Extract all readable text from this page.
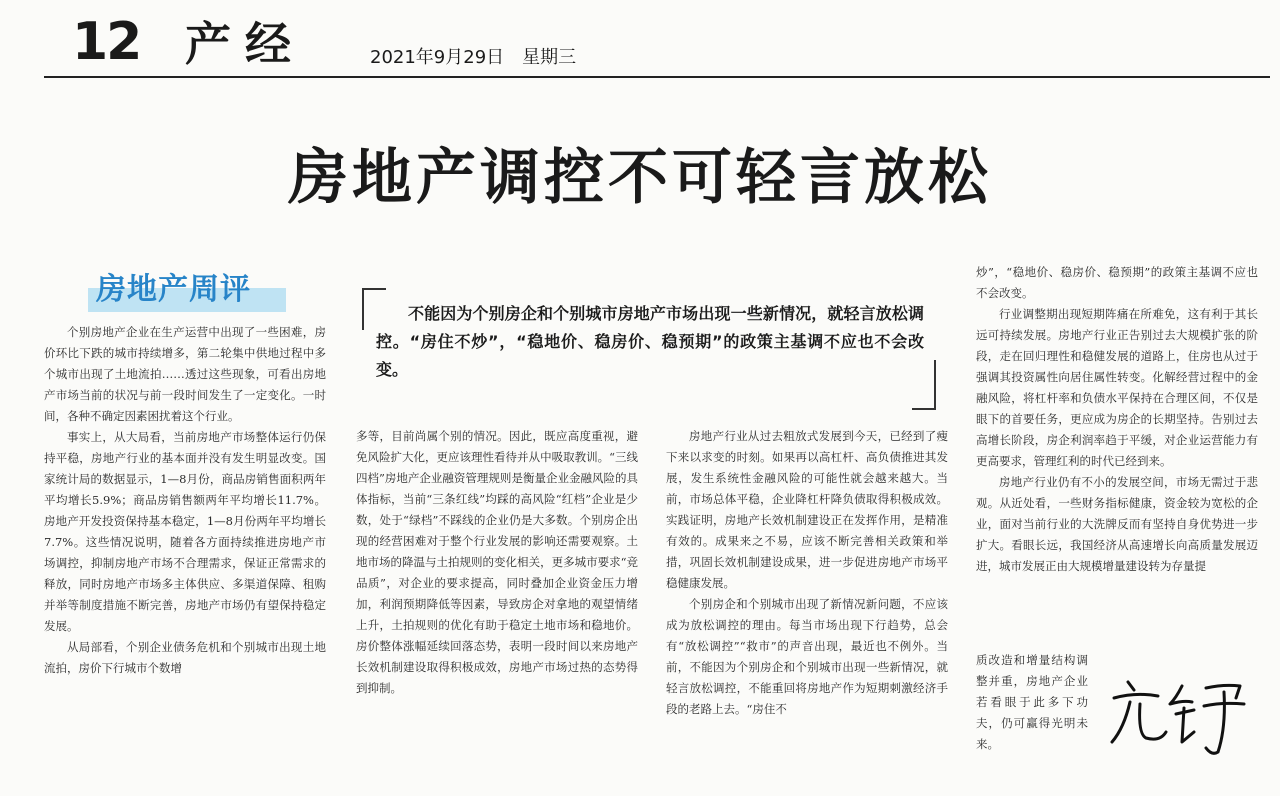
12 产经	2021年9月29日　星期三
房地产调控不可轻言放松
房地产周评
不能因为个别房企和个别城市房地产市场出现一些新情况，就轻言放松调控。“房住不炒”，“稳地价、稳房价、稳预期”的政策主基调不应也不会改变。

个别房地产企业在生产运营中出现了一些困难，房价环比下跌的城市持续增多，第二轮集中供地过程中多个城市出现了土地流拍……透过这些现象，可看出房地产市场当前的状况与前一段时间发生了一定变化。一时间，各种不确定因素困扰着这个行业。

事实上，从大局看，当前房地产市场整体运行仍保持平稳，房地产行业的基本面并没有发生明显改变。国家统计局的数据显示，1—8月份，商品房销售面积两年平均增长5.9%；商品房销售额两年平均增长11.7%。房地产开发投资保持基本稳定，1—8月份两年平均增长7.7%。这些情况说明，随着各方面持续推进房地产市场调控，抑制房地产市场不合理需求，保证正常需求的释放，同时房地产市场多主体供应、多渠道保障、租购并举等制度措施不断完善，房地产市场仍有望保持稳定发展。

从局部看，个别企业债务危机和个别城市出现土地流拍，房价下行城市个数增

多等，目前尚属个别的情况。因此，既应高度重视，避免风险扩大化，更应该理性看待并从中吸取教训。“三线四档”房地产企业融资管理规则是衡量企业金融风险的具体指标，当前“三条红线”均踩的高风险“红档”企业是少数，处于“绿档”不踩线的企业仍是大多数。个别房企出现的经营困难对于整个行业发展的影响还需要观察。土地市场的降温与土拍规则的变化相关，更多城市要求“竞品质”，对企业的要求提高，同时叠加企业资金压力增加，利润预期降低等因素，导致房企对拿地的观望情绪上升，土拍规则的优化有助于稳定土地市场和稳地价。房价整体涨幅延续回落态势，表明一段时间以来房地产长效机制建设取得积极成效，房地产市场过热的态势得到抑制。

房地产行业从过去粗放式发展到今天，已经到了瘦下来以求变的时刻。如果再以高杠杆、高负债推进其发展，发生系统性金融风险的可能性就会越来越大。当前，市场总体平稳，企业降杠杆降负债取得积极成效。实践证明，房地产长效机制建设正在发挥作用，是精准有效的。成果来之不易，应该不断完善相关政策和举措，巩固长效机制建设成果，进一步促进房地产市场平稳健康发展。

个别房企和个别城市出现了新情况新问题，不应该成为放松调控的理由。每当市场出现下行趋势，总会有“放松调控”“救市”的声音出现，最近也不例外。当前，不能因为个别房企和个别城市出现一些新情况，就轻言放松调控，不能重回将房地产作为短期刺激经济手段的老路上去。“房住不

炒”，“稳地价、稳房价、稳预期”的政策主基调不应也不会改变。

行业调整期出现短期阵痛在所难免，这有利于其长远可持续发展。房地产行业正告别过去大规模扩张的阶段，走在回归理性和稳健发展的道路上，住房也从过于强调其投资属性向居住属性转变。化解经营过程中的金融风险，将杠杆率和负债水平保持在合理区间，不仅是眼下的首要任务，更应成为房企的长期坚持。告别过去高增长阶段，房企利润率趋于平缓，对企业运营能力有更高要求，管理红利的时代已经到来。

房地产行业仍有不小的发展空间，市场无需过于悲观。从近处看，一些财务指标健康，资金较为宽松的企业，面对当前行业的大洗牌反而有坚持自身优势进一步扩大。看眼长远，我国经济从高速增长向高质量发展迈进，城市发展正由大规模增量建设转为存量提

质改造和增量结构调整并重，房地产企业若看眼于此多下功夫，仍可赢得光明未来。
